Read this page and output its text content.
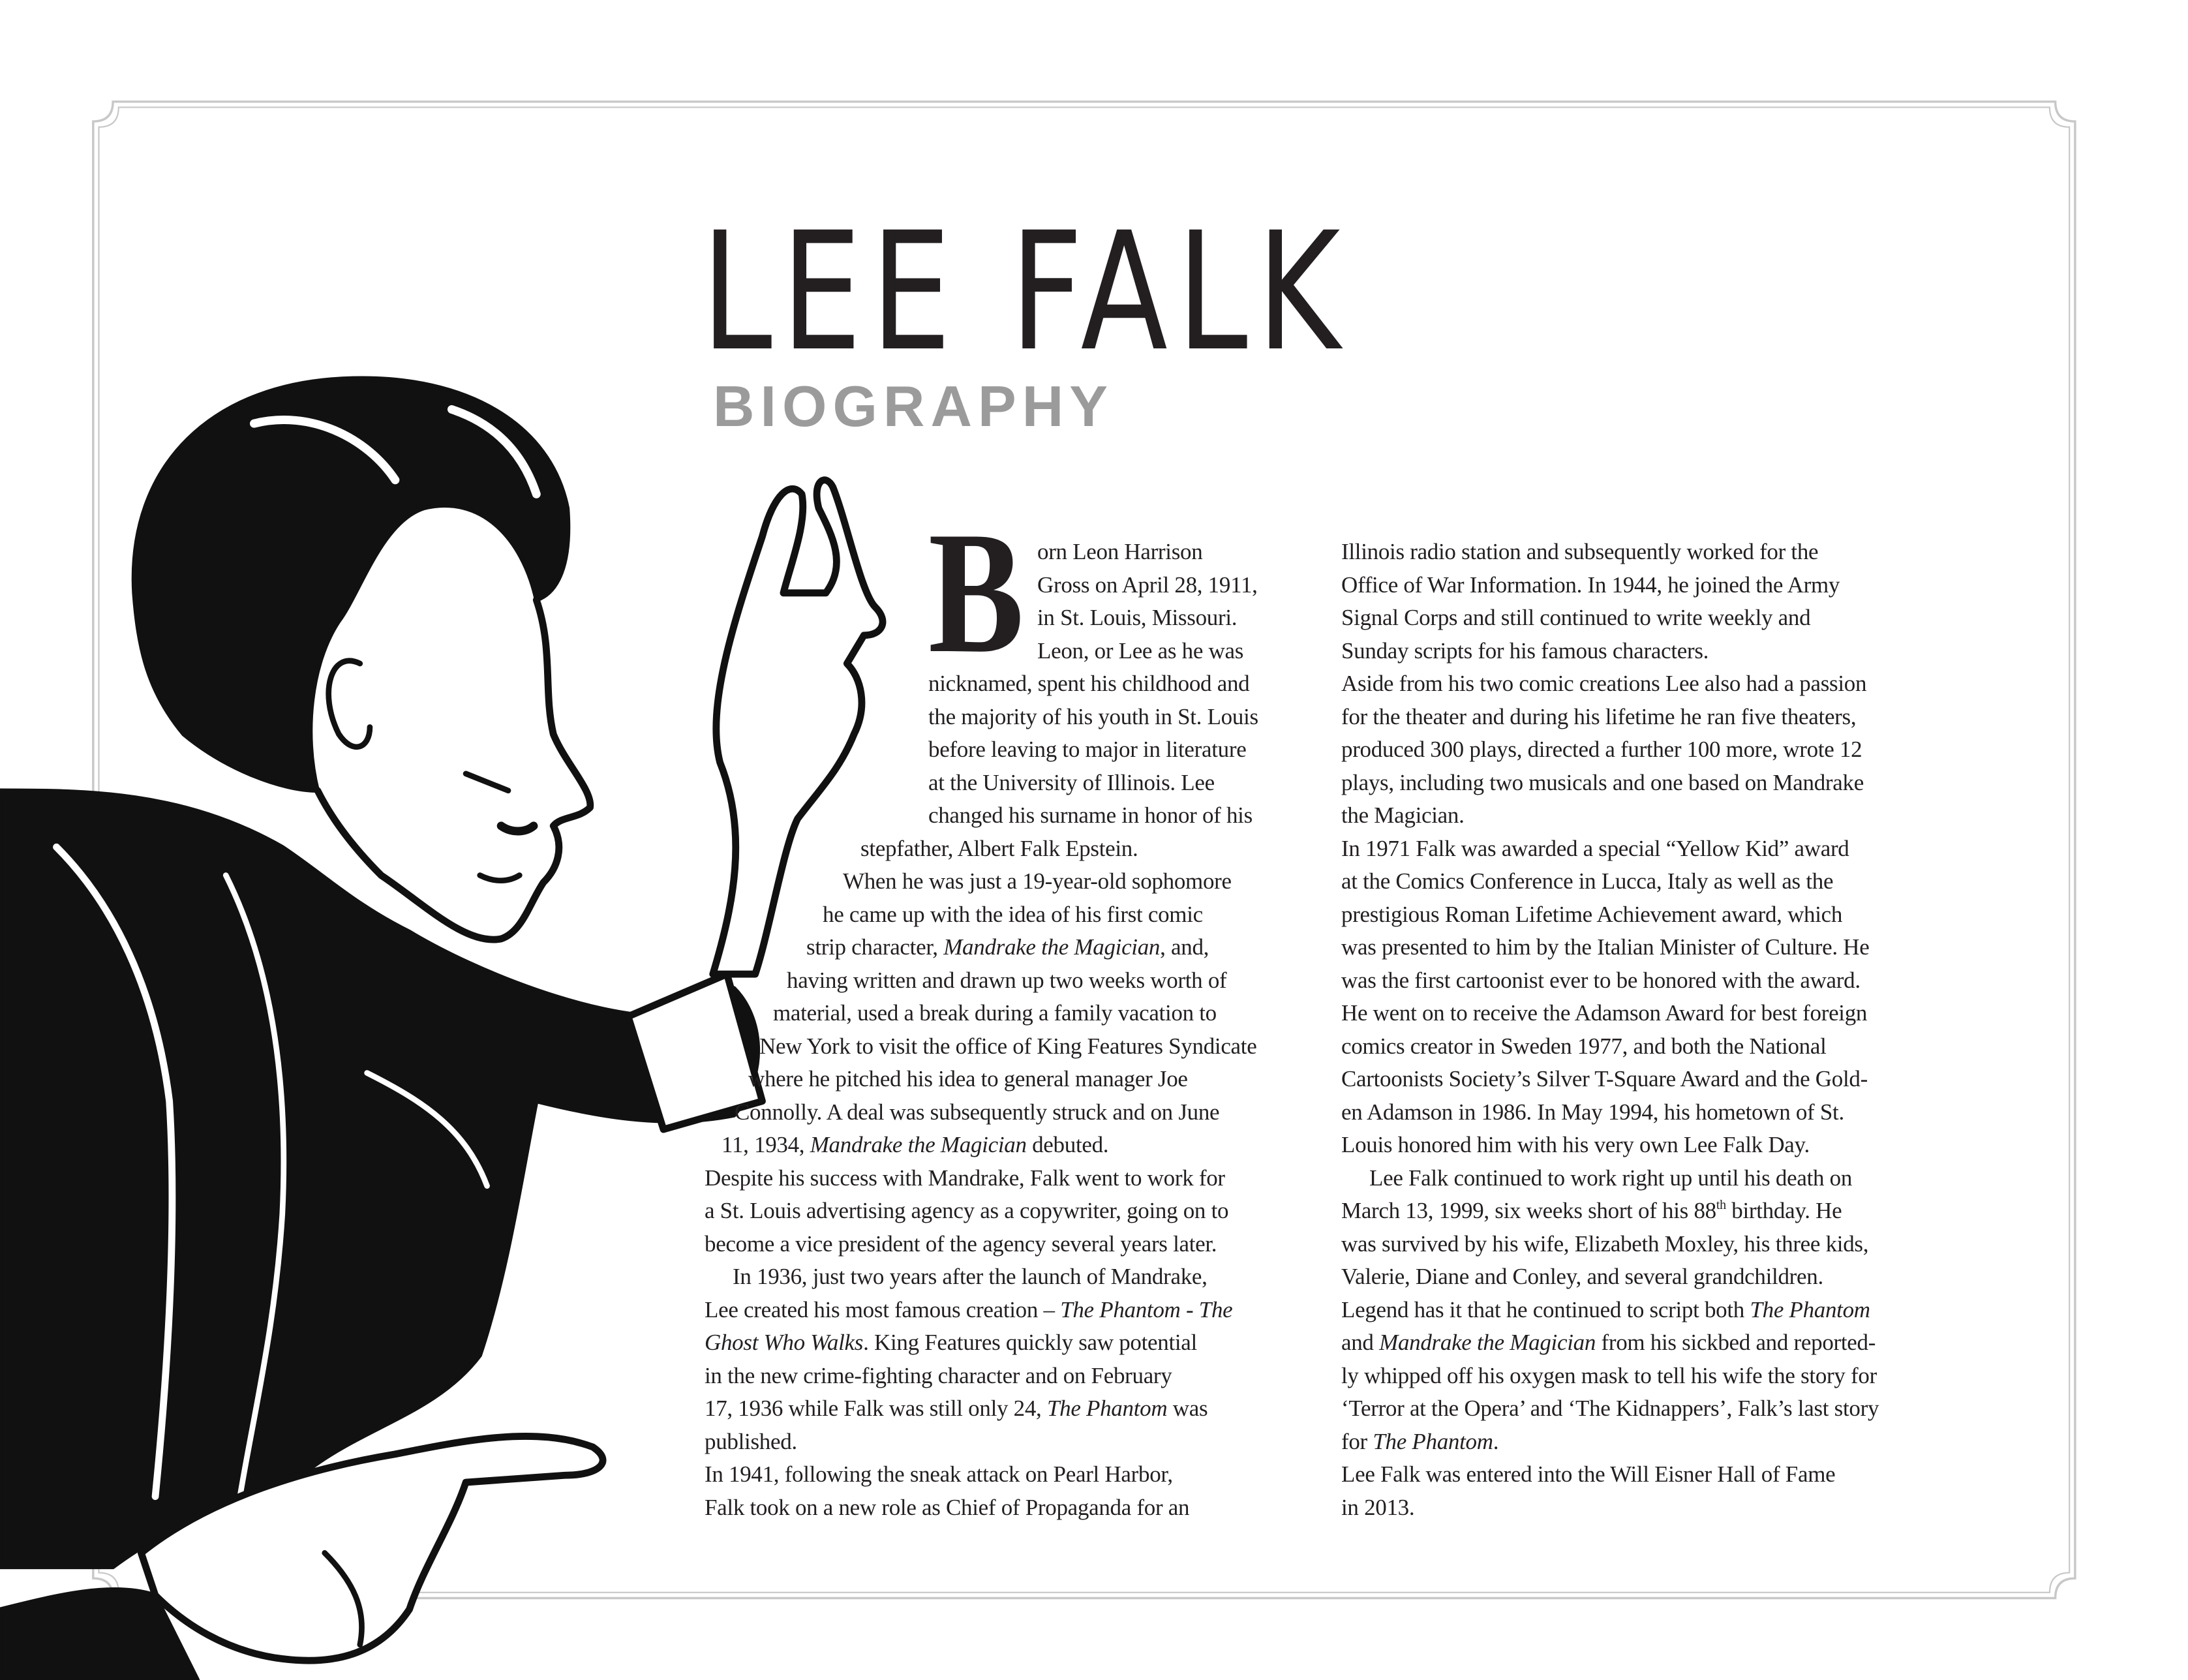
LEE FALK
BIOGRAPHY
B orn Leon Harrison
Gross on April 28, 1911,
in St. Louis, Missouri.
Leon, or Lee as he was
nicknamed, spent his childhood and
the majority of his youth in St. Louis
before leaving to major in literature
at the University of Illinois. Lee
changed his surname in honor of his
stepfather, Albert Falk Epstein.
When he was just a 19-year-old sophomore
he came up with the idea of his first comic
strip character, Mandrake the Magician, and,
having written and drawn up two weeks worth of
material, used a break during a family vacation to
New York to visit the office of King Features Syndicate
where he pitched his idea to general manager Joe
Connolly. A deal was subsequently struck and on June
11, 1934, Mandrake the Magician debuted.
Despite his success with Mandrake, Falk went to work for
a St. Louis advertising agency as a copywriter, going on to
become a vice president of the agency several years later.
In 1936, just two years after the launch of Mandrake,
Lee created his most famous creation – The Phantom - The
Ghost Who Walks. King Features quickly saw potential
in the new crime-fighting character and on February
17, 1936 while Falk was still only 24, The Phantom was
published.
In 1941, following the sneak attack on Pearl Harbor,
Falk took on a new role as Chief of Propaganda for an
Illinois radio station and subsequently worked for the
Office of War Information. In 1944, he joined the Army
Signal Corps and still continued to write weekly and
Sunday scripts for his famous characters.
Aside from his two comic creations Lee also had a passion
for the theater and during his lifetime he ran five theaters,
produced 300 plays, directed a further 100 more, wrote 12
plays, including two musicals and one based on Mandrake
the Magician.
In 1971 Falk was awarded a special “Yellow Kid” award
at the Comics Conference in Lucca, Italy as well as the
prestigious Roman Lifetime Achievement award, which
was presented to him by the Italian Minister of Culture. He
was the first cartoonist ever to be honored with the award.
He went on to receive the Adamson Award for best foreign
comics creator in Sweden 1977, and both the National
Cartoonists Society’s Silver T-Square Award and the Gold-
en Adamson in 1986. In May 1994, his hometown of St.
Louis honored him with his very own Lee Falk Day.
Lee Falk continued to work right up until his death on
March 13, 1999, six weeks short of his 88th birthday. He
was survived by his wife, Elizabeth Moxley, his three kids,
Valerie, Diane and Conley, and several grandchildren.
Legend has it that he continued to script both The Phantom
and Mandrake the Magician from his sickbed and reported-
ly whipped off his oxygen mask to tell his wife the story for
‘Terror at the Opera’ and ‘The Kidnappers’, Falk’s last story
for The Phantom.
Lee Falk was entered into the Will Eisner Hall of Fame
in 2013.
